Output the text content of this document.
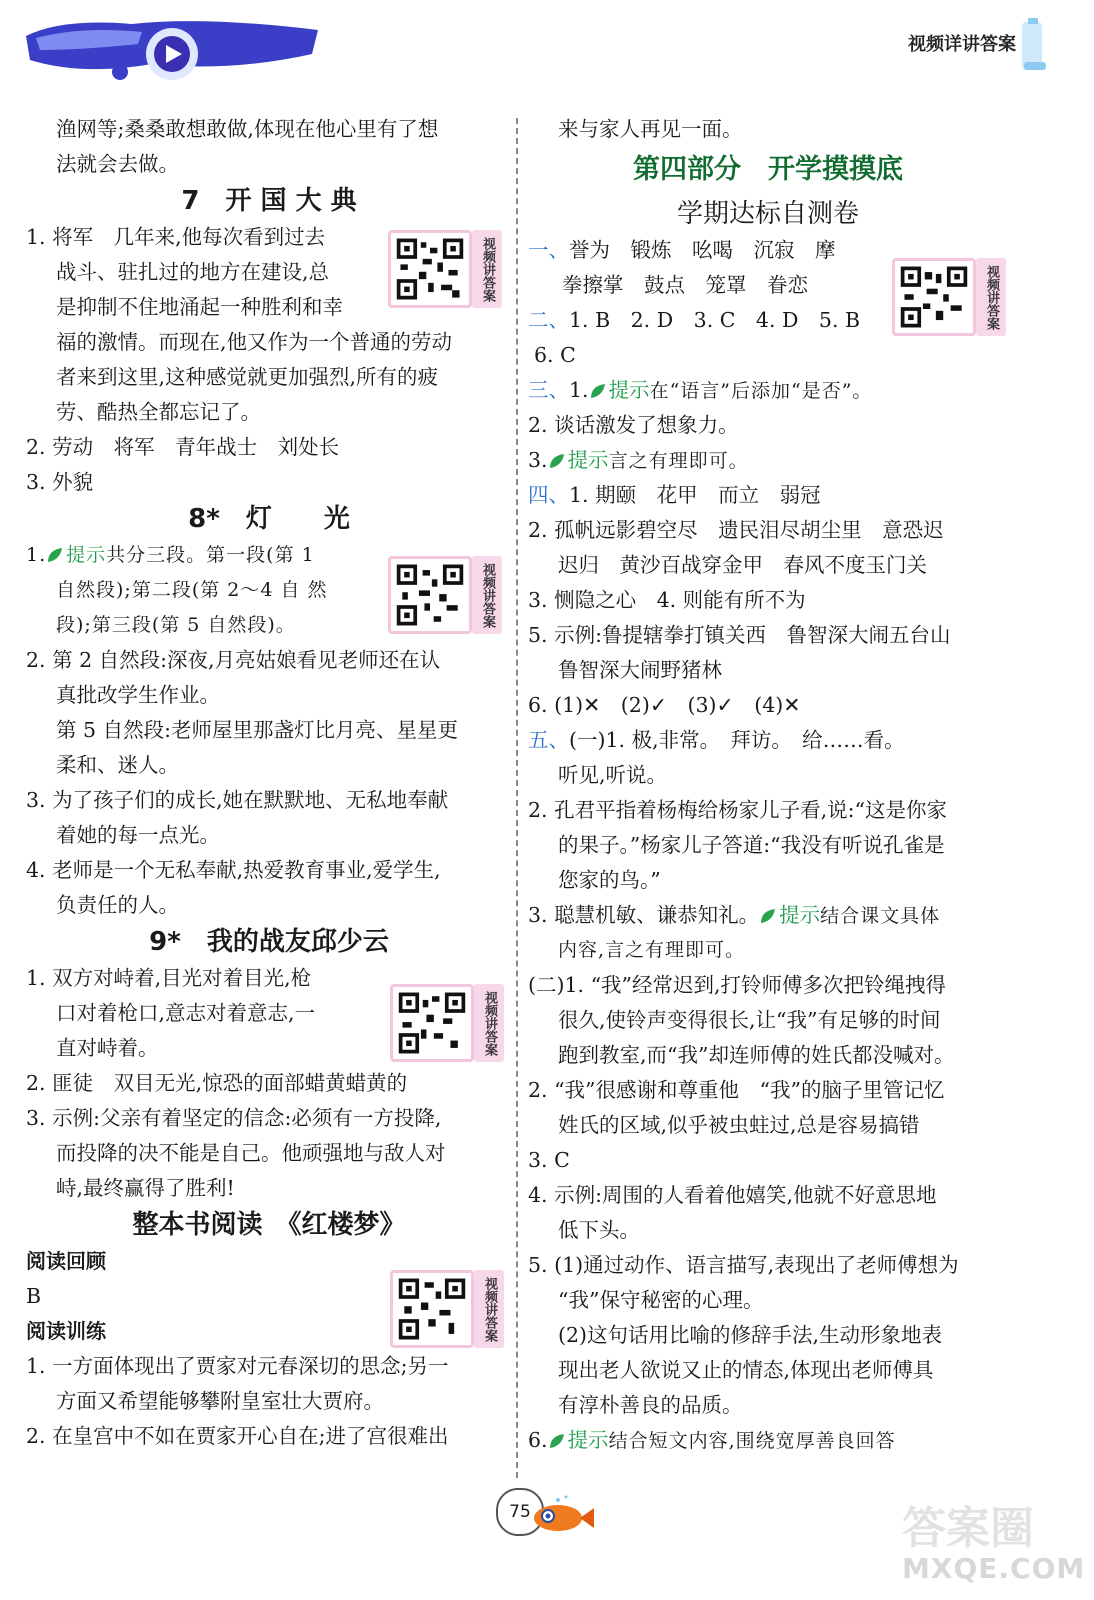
视频详讲答案
渔网等;桑桑敢想敢做,体现在他心里有了想
法就会去做。
7　开 国 大 典
1. 将军　几年来,他每次看到过去
战斗、驻扎过的地方在建设,总
是抑制不住地涌起一种胜利和幸
福的激情。而现在,他又作为一个普通的劳动
者来到这里,这种感觉就更加强烈,所有的疲
劳、酷热全都忘记了。
2. 劳动　将军　青年战士　刘处长
3. 外貌
8*　灯　　光
1. 提示共分三段。第一段(第 1
自然段);第二段(第 2～4 自 然
段);第三段(第 5 自然段)。
2. 第 2 自然段:深夜,月亮姑娘看见老师还在认
真批改学生作业。
第 5 自然段:老师屋里那盏灯比月亮、星星更
柔和、迷人。
3. 为了孩子们的成长,她在默默地、无私地奉献
着她的每一点光。
4. 老师是一个无私奉献,热爱教育事业,爱学生,
负责任的人。
9*　我的战友邱少云
1. 双方对峙着,目光对着目光,枪
口对着枪口,意志对着意志,一
直对峙着。
2. 匪徒　双目无光,惊恐的面部蜡黄蜡黄的
3. 示例:父亲有着坚定的信念:必须有一方投降,
而投降的决不能是自己。他顽强地与敌人对
峙,最终赢得了胜利!
整本书阅读　《红楼梦》
阅读回顾
B
阅读训练
1. 一方面体现出了贾家对元春深切的思念;另一
方面又希望能够攀附皇室壮大贾府。
2. 在皇宫中不如在贾家开心自在;进了宫很难出
来与家人再见一面。
第四部分　开学摸摸底
学期达标自测卷
一、誉为　锻炼　吆喝　沉寂　摩
拳擦掌　鼓点　笼罩　眷恋
二、1. B　2. D　3. C　4. D　5. B
6. C
三、1. 提示在“语言”后添加“是否”。
2. 谈话激发了想象力。
3. 提示言之有理即可。
四、1. 期颐　花甲　而立　弱冠
2. 孤帆远影碧空尽　遗民泪尽胡尘里　意恐迟
迟归　黄沙百战穿金甲　春风不度玉门关
3. 恻隐之心　4. 则能有所不为
5. 示例:鲁提辖拳打镇关西　鲁智深大闹五台山
鲁智深大闹野猪林
6. (1)✕　(2)✓　(3)✓　(4)✕
五、(一)1. 极,非常。　拜访。　给……看。
听见,听说。
2. 孔君平指着杨梅给杨家儿子看,说:“这是你家
的果子。”杨家儿子答道:“我没有听说孔雀是
您家的鸟。”
3. 聪慧机敏、谦恭知礼。 提示结合课文具体
内容,言之有理即可。
(二)1. “我”经常迟到,打铃师傅多次把铃绳拽得
很久,使铃声变得很长,让“我”有足够的时间
跑到教室,而“我”却连师傅的姓氏都没喊对。
2. “我”很感谢和尊重他　“我”的脑子里管记忆
姓氏的区域,似乎被虫蛀过,总是容易搞错
3. C
4. 示例:周围的人看着他嬉笑,他就不好意思地
低下头。
5. (1)通过动作、语言描写,表现出了老师傅想为
“我”保守秘密的心理。
(2)这句话用比喻的修辞手法,生动形象地表
现出老人欲说又止的情态,体现出老师傅具
有淳朴善良的品质。
6. 提示结合短文内容,围绕宽厚善良回答
视频讲答案
视频讲答案
视频讲答案
视频讲答案
视频讲答案
75	答案圈
MXQE.COM
